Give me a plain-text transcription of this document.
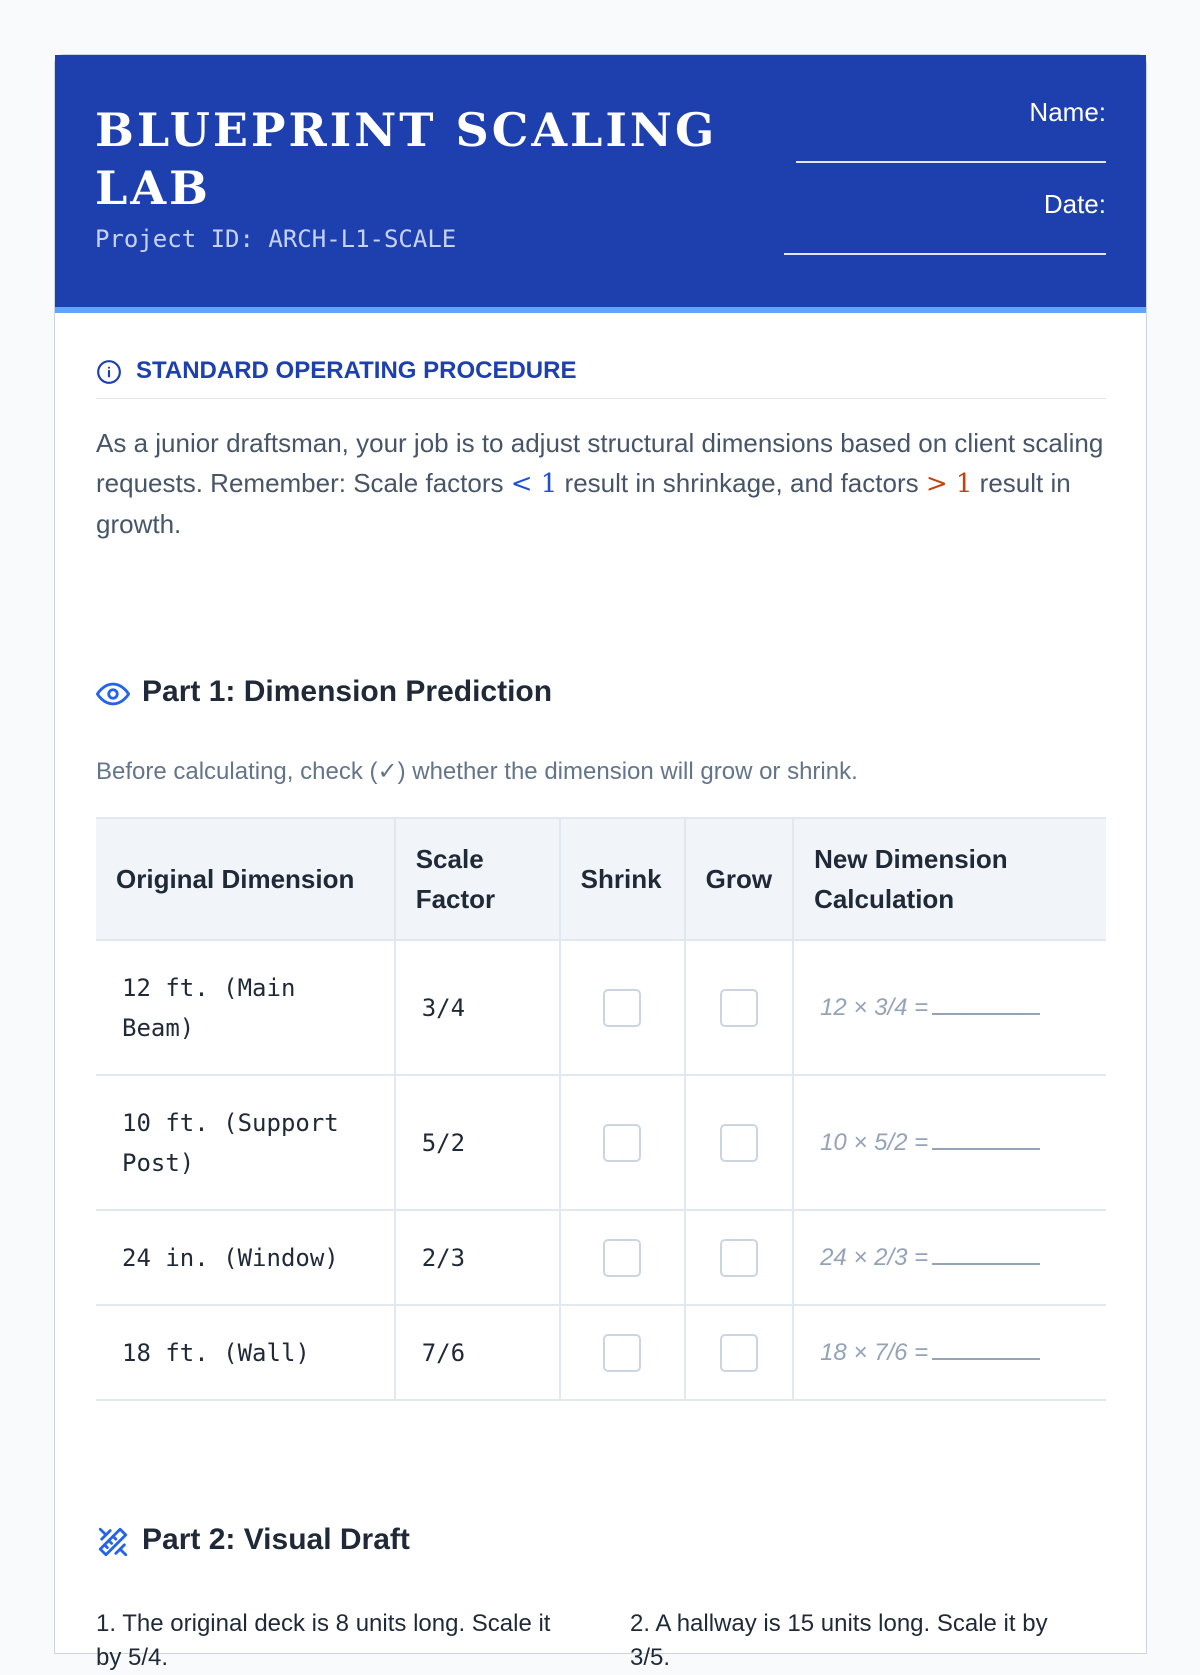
BLUEPRINT SCALING LAB
Project ID: ARCH-L1-SCALE
Name:
Date:
STANDARD OPERATING PROCEDURE

As a junior draftsman, your job is to adjust structural dimensions based on client scaling requests. Remember: Scale factors < 1 result in shrinkage, and factors > 1 result in growth.

Part 1: Dimension Prediction
Before calculating, check (✓) whether the dimension will grow or shrink.
Original Dimension	Scale Factor	Shrink	Grow	New Dimension Calculation
12 ft. (Main Beam)	3/4			12 × 3/4 =
10 ft. (Support Post)	5/2			10 × 5/2 =
24 in. (Window)	2/3			24 × 2/3 =
18 ft. (Wall)	7/6			18 × 7/6 =
Part 2: Visual Draft
1. The original deck is 8 units long. Scale it by 5/4.
2. A hallway is 15 units long. Scale it by 3/5.
